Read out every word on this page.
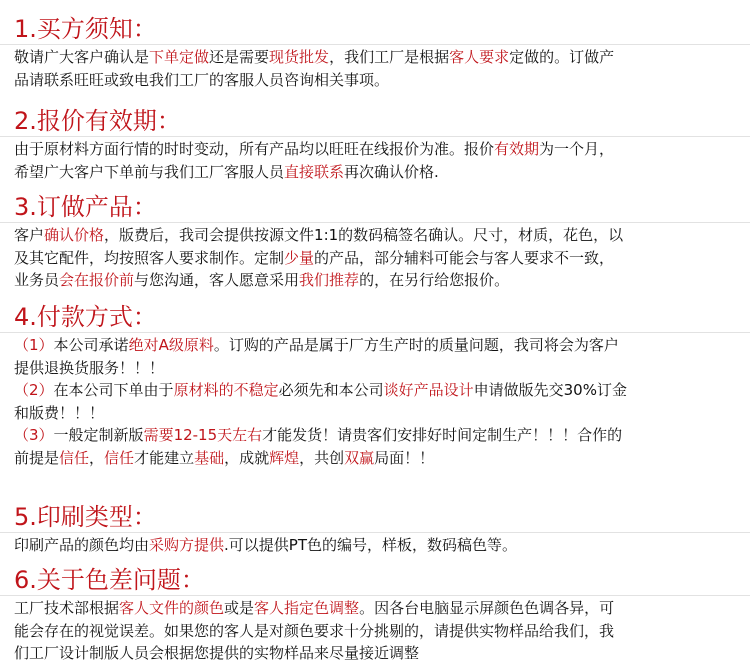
1.买方须知：
敬请广大客户确认是下单定做还是需要现货批发，我们工厂是根据客人要求定做的。订做产
品请联系旺旺或致电我们工厂的客服人员咨询相关事项。
2.报价有效期：
由于原材料方面行情的时时变动，所有产品均以旺旺在线报价为准。报价有效期为一个月，
希望广大客户下单前与我们工厂客服人员直接联系再次确认价格.
3.订做产品：
客户确认价格，版费后，我司会提供按源文件1:1的数码稿签名确认。尺寸，材质，花色，以
及其它配件，均按照客人要求制作。定制少量的产品，部分辅料可能会与客人要求不一致，
业务员会在报价前与您沟通，客人愿意采用我们推荐的，在另行给您报价。
4.付款方式：
（1）本公司承诺绝对A级原料。订购的产品是属于厂方生产时的质量问题，我司将会为客户
提供退换货服务！！！
（2）在本公司下单由于原材料的不稳定必须先和本公司谈好产品设计申请做版先交30%订金
和版费！！！
（3）一般定制新版需要12-15天左右才能发货！请贵客们安排好时间定制生产！！！合作的
前提是信任，信任才能建立基础，成就辉煌，共创双赢局面！！
5.印刷类型：
印刷产品的颜色均由采购方提供.可以提供PT色的编号，样板，数码稿色等。
6.关于色差问题：
工厂技术部根据客人文件的颜色或是客人指定色调整。因各台电脑显示屏颜色色调各异，可
能会存在的视觉误差。如果您的客人是对颜色要求十分挑剔的，请提供实物样品给我们，我
们工厂设计制版人员会根据您提供的实物样品来尽量接近调整
